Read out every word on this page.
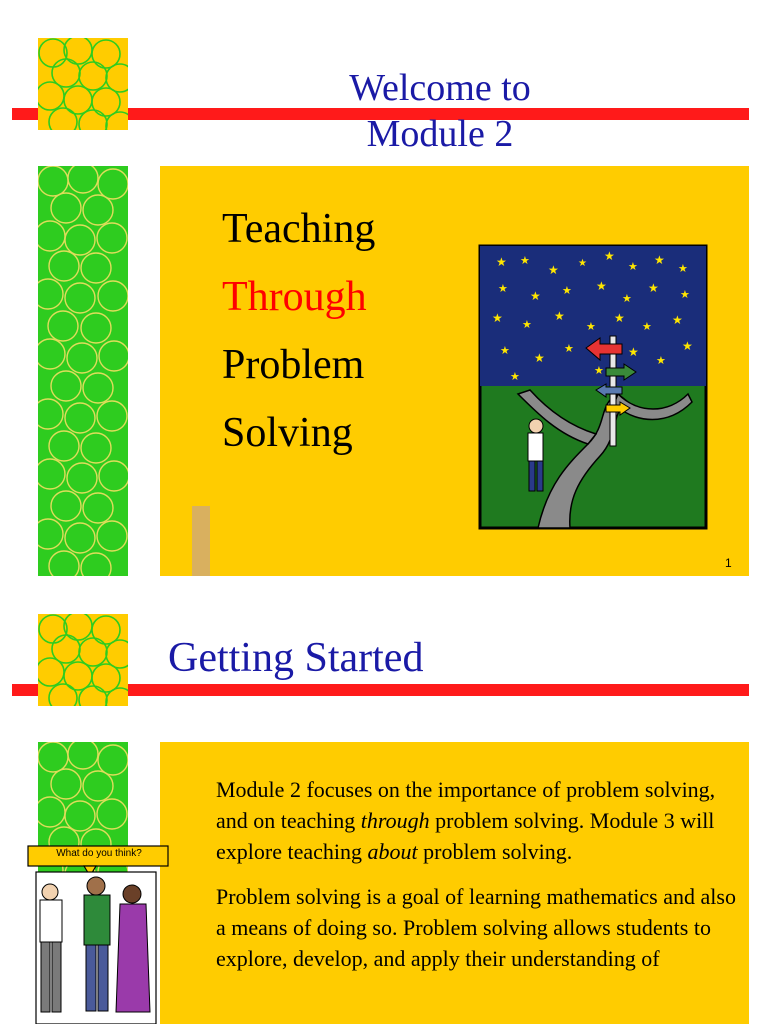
Welcome to
Module 2
Teaching
Through
Problem
Solving
★ ★
★ ★
★
★ ★
★
★ ★ ★ ★
★
★ ★
★ ★
★
★
★
★ ★
★ ★
★	★
★
★
★	★
1
Getting Started
What do you think?

Module 2 focuses on the importance of problem solving, and on teaching through problem solving. Module 3 will explore teaching about problem solving.

Problem solving is a goal of learning mathematics and also a means of doing so. Problem solving allows students to explore, develop, and apply their understanding of
